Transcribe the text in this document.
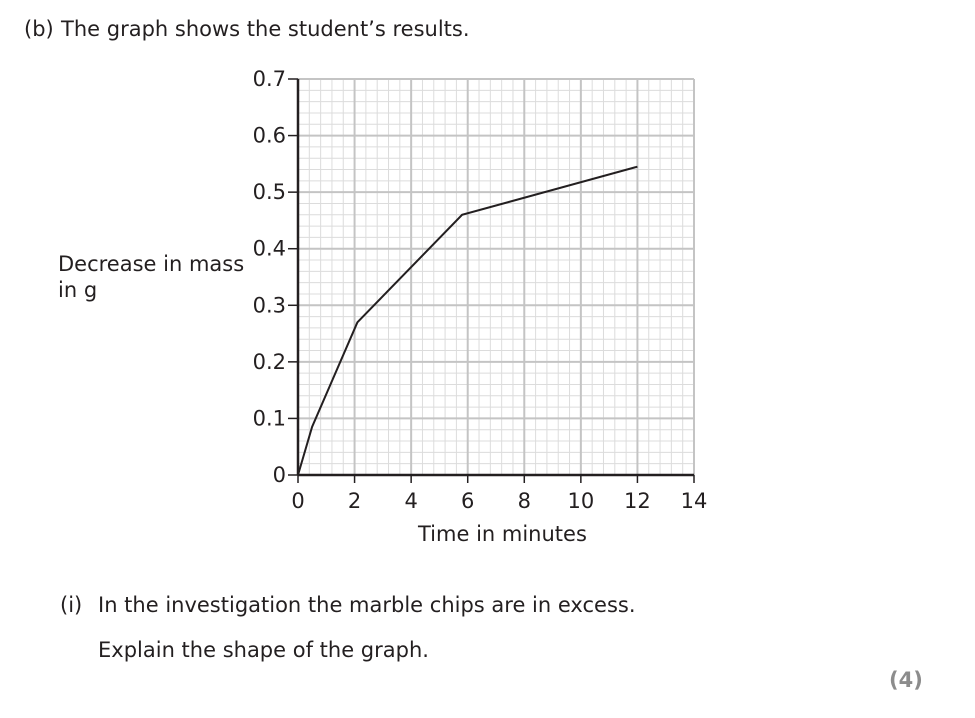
(b) The graph shows the student’s results.
Decrease in mass
in g
0 2 4 6 8 10 12 14
0
0.1
0.2
0.3
0.4
0.5
0.6
0.7
Time in minutes
(i) In the investigation the marble chips are in excess.
Explain the shape of the graph.
(4)
